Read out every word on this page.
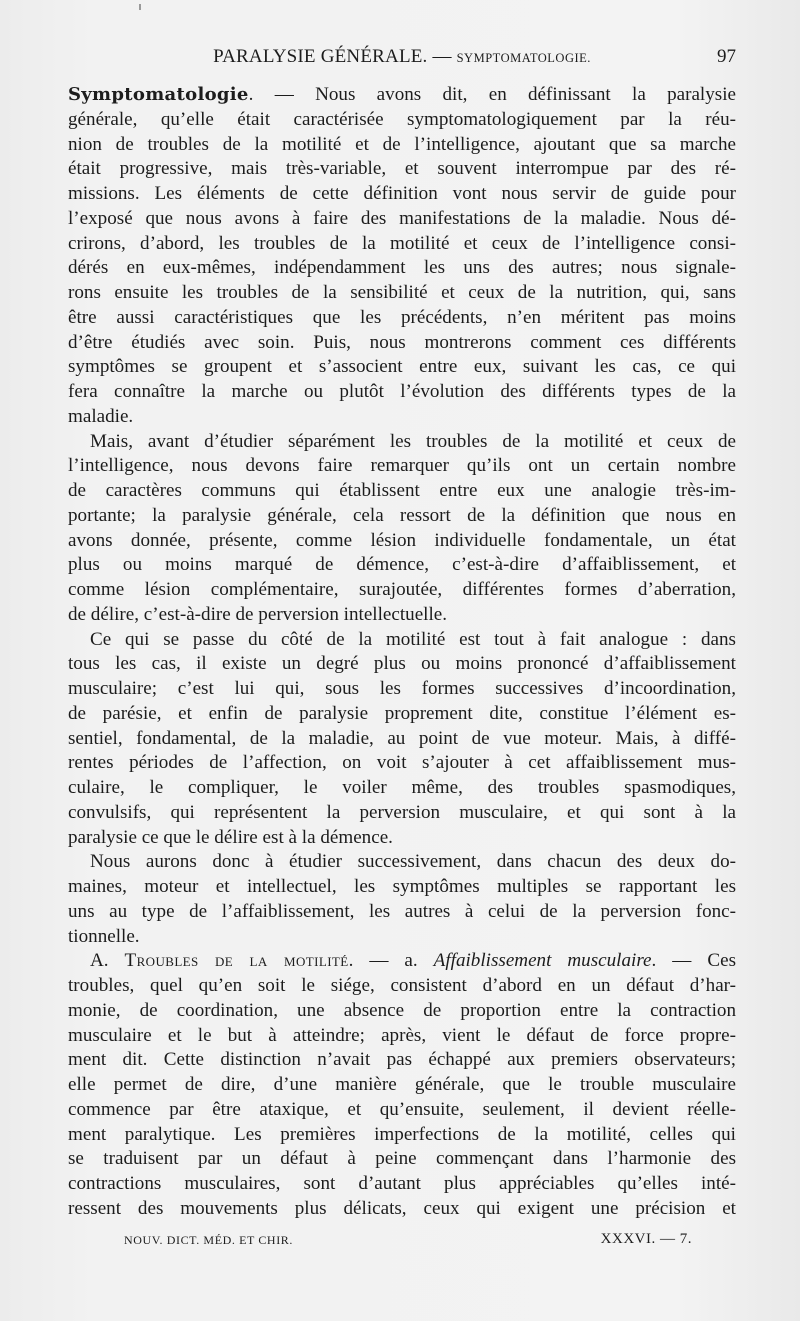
PARALYSIE GÉNÉRALE. — SYMPTOMATOLOGIE.	97
Symptomatologie. — Nous avons dit, en définissant la paralysie
générale, qu’elle était caractérisée symptomatologiquement par la réu-
nion de troubles de la motilité et de l’intelligence, ajoutant que sa marche
était progressive, mais très-variable, et souvent interrompue par des ré-
missions. Les éléments de cette définition vont nous servir de guide pour
l’exposé que nous avons à faire des manifestations de la maladie. Nous dé-
crirons, d’abord, les troubles de la motilité et ceux de l’intelligence consi-
dérés en eux-mêmes, indépendamment les uns des autres; nous signale-
rons ensuite les troubles de la sensibilité et ceux de la nutrition, qui, sans
être aussi caractéristiques que les précédents, n’en méritent pas moins
d’être étudiés avec soin. Puis, nous montrerons comment ces différents
symptômes se groupent et s’associent entre eux, suivant les cas, ce qui
fera connaître la marche ou plutôt l’évolution des différents types de la
maladie.
Mais, avant d’étudier séparément les troubles de la motilité et ceux de
l’intelligence, nous devons faire remarquer qu’ils ont un certain nombre
de caractères communs qui établissent entre eux une analogie très-im-
portante; la paralysie générale, cela ressort de la définition que nous en
avons donnée, présente, comme lésion individuelle fondamentale, un état
plus ou moins marqué de démence, c’est-à-dire d’affaiblissement, et
comme lésion complémentaire, surajoutée, différentes formes d’aberration,
de délire, c’est-à-dire de perversion intellectuelle.
Ce qui se passe du côté de la motilité est tout à fait analogue : dans
tous les cas, il existe un degré plus ou moins prononcé d’affaiblissement
musculaire; c’est lui qui, sous les formes successives d’incoordination,
de parésie, et enfin de paralysie proprement dite, constitue l’élément es-
sentiel, fondamental, de la maladie, au point de vue moteur. Mais, à diffé-
rentes périodes de l’affection, on voit s’ajouter à cet affaiblissement mus-
culaire, le compliquer, le voiler même, des troubles spasmodiques,
convulsifs, qui représentent la perversion musculaire, et qui sont à la
paralysie ce que le délire est à la démence.
Nous aurons donc à étudier successivement, dans chacun des deux do-
maines, moteur et intellectuel, les symptômes multiples se rapportant les
uns au type de l’affaiblissement, les autres à celui de la perversion fonc-
tionnelle.
A. Troubles de la motilité. — a. Affaiblissement musculaire. — Ces
troubles, quel qu’en soit le siége, consistent d’abord en un défaut d’har-
monie, de coordination, une absence de proportion entre la contraction
musculaire et le but à atteindre; après, vient le défaut de force propre-
ment dit. Cette distinction n’avait pas échappé aux premiers observateurs;
elle permet de dire, d’une manière générale, que le trouble musculaire
commence par être ataxique, et qu’ensuite, seulement, il devient réelle-
ment paralytique. Les premières imperfections de la motilité, celles qui
se traduisent par un défaut à peine commençant dans l’harmonie des
contractions musculaires, sont d’autant plus appréciables qu’elles inté-
ressent des mouvements plus délicats, ceux qui exigent une précision et
NOUV. DICT. MÉD. ET CHIR.	XXXVI. — 7.
